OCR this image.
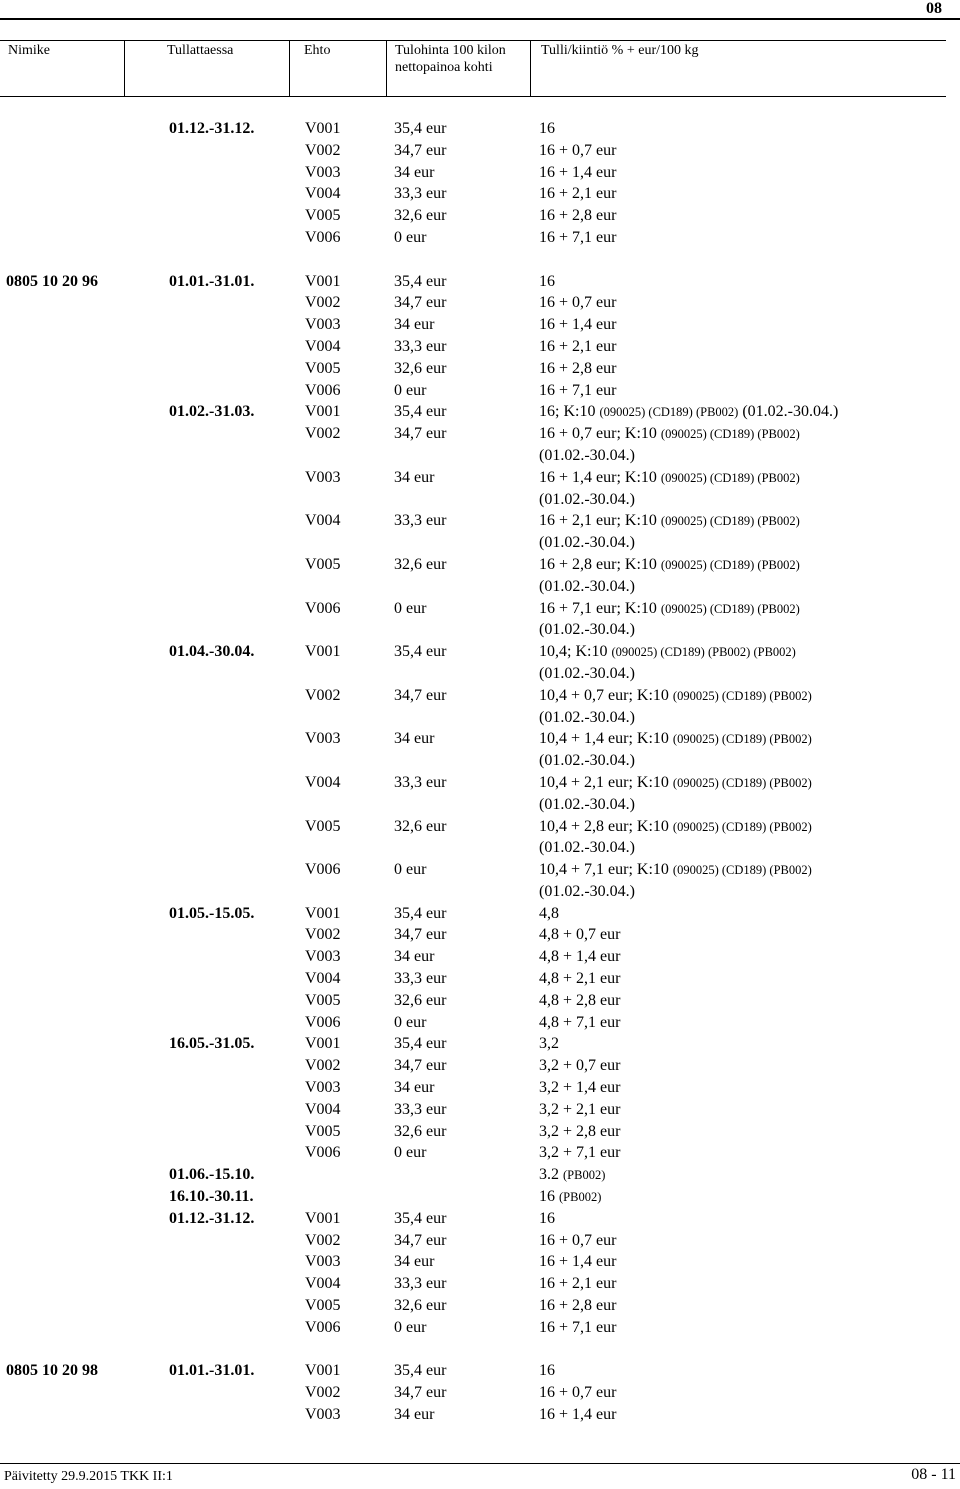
08
Nimike	Tullattaessa	Ehto	Tulohinta 100 kilon
nettopainoa kohti
Tulli/kiintiö % + eur/100 kg
01.12.-31.12.	V001	35,4 eur	16
V002	34,7 eur	16 + 0,7 eur
V003	34 eur	16 + 1,4 eur
V004	33,3 eur	16 + 2,1 eur
V005	32,6 eur	16 + 2,8 eur
V006	0 eur	16 + 7,1 eur
0805 10 20 96	01.01.-31.01.	V001	35,4 eur	16
V002	34,7 eur	16 + 0,7 eur
V003	34 eur	16 + 1,4 eur
V004	33,3 eur	16 + 2,1 eur
V005	32,6 eur	16 + 2,8 eur
V006	0 eur	16 + 7,1 eur
01.02.-31.03.	V001	35,4 eur	16; K:10 (090025) (CD189) (PB002) (01.02.-30.04.)
V002	34,7 eur	16 + 0,7 eur; K:10 (090025) (CD189) (PB002)
(01.02.-30.04.)
V003	34 eur	16 + 1,4 eur; K:10 (090025) (CD189) (PB002)
(01.02.-30.04.)
V004	33,3 eur	16 + 2,1 eur; K:10 (090025) (CD189) (PB002)
(01.02.-30.04.)
V005	32,6 eur	16 + 2,8 eur; K:10 (090025) (CD189) (PB002)
(01.02.-30.04.)
V006	0 eur	16 + 7,1 eur; K:10 (090025) (CD189) (PB002)
(01.02.-30.04.)
01.04.-30.04.	V001	35,4 eur	10,4; K:10 (090025) (CD189) (PB002) (PB002)
(01.02.-30.04.)
V002	34,7 eur	10,4 + 0,7 eur; K:10 (090025) (CD189) (PB002)
(01.02.-30.04.)
V003	34 eur	10,4 + 1,4 eur; K:10 (090025) (CD189) (PB002)
(01.02.-30.04.)
V004	33,3 eur	10,4 + 2,1 eur; K:10 (090025) (CD189) (PB002)
(01.02.-30.04.)
V005	32,6 eur	10,4 + 2,8 eur; K:10 (090025) (CD189) (PB002)
(01.02.-30.04.)
V006	0 eur	10,4 + 7,1 eur; K:10 (090025) (CD189) (PB002)
(01.02.-30.04.)
01.05.-15.05.	V001	35,4 eur	4,8
V002	34,7 eur	4,8 + 0,7 eur
V003	34 eur	4,8 + 1,4 eur
V004	33,3 eur	4,8 + 2,1 eur
V005	32,6 eur	4,8 + 2,8 eur
V006	0 eur	4,8 + 7,1 eur
16.05.-31.05.	V001	35,4 eur	3,2
V002	34,7 eur	3,2 + 0,7 eur
V003	34 eur	3,2 + 1,4 eur
V004	33,3 eur	3,2 + 2,1 eur
V005	32,6 eur	3,2 + 2,8 eur
V006	0 eur	3,2 + 7,1 eur
01.06.-15.10.	3.2 (PB002)
16.10.-30.11.	16 (PB002)
01.12.-31.12.	V001	35,4 eur	16
V002	34,7 eur	16 + 0,7 eur
V003	34 eur	16 + 1,4 eur
V004	33,3 eur	16 + 2,1 eur
V005	32,6 eur	16 + 2,8 eur
V006	0 eur	16 + 7,1 eur
0805 10 20 98	01.01.-31.01.	V001	35,4 eur	16
V002	34,7 eur	16 + 0,7 eur
V003	34 eur	16 + 1,4 eur
Päivitetty 29.9.2015 TKK II:1	08 - 11
